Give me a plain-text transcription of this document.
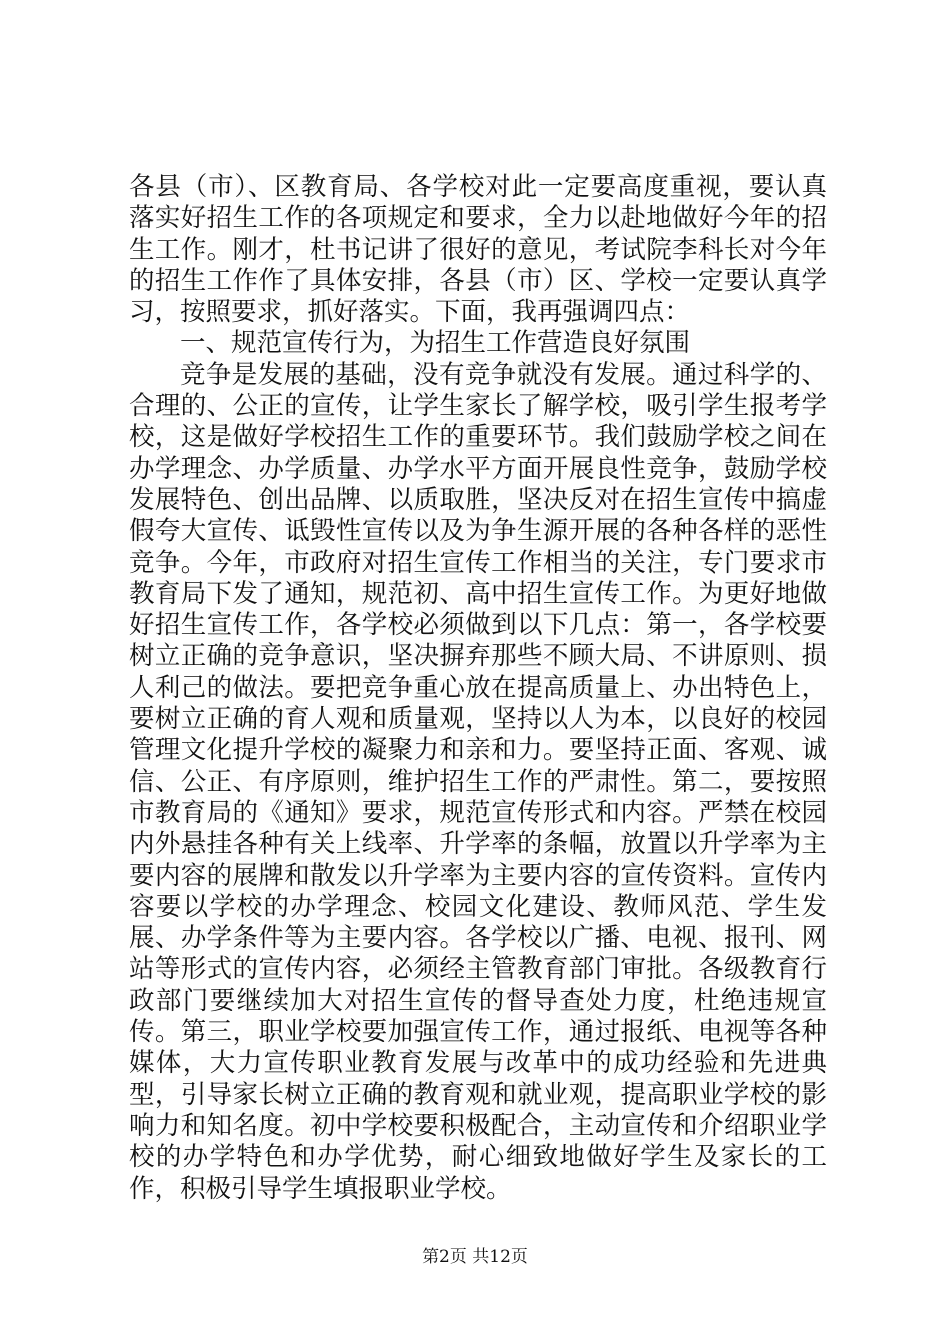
各县（市）、区教育局、各学校对此一定要高度重视，要认真落实好招生工作的各项规定和要求，全力以赴地做好今年的招生工作。刚才，杜书记讲了很好的意见，考试院李科长对今年的招生工作作了具体安排，各县（市）区、学校一定要认真学习，按照要求，抓好落实。下面，我再强调四点：

一、规范宣传行为，为招生工作营造良好氛围

竞争是发展的基础，没有竞争就没有发展。通过科学的、合理的、公正的宣传，让学生家长了解学校，吸引学生报考学校，这是做好学校招生工作的重要环节。我们鼓励学校之间在办学理念、办学质量、办学水平方面开展良性竞争，鼓励学校发展特色、创出品牌、以质取胜，坚决反对在招生宣传中搞虚假夸大宣传、诋毁性宣传以及为争生源开展的各种各样的恶性竞争。今年，市政府对招生宣传工作相当的关注，专门要求市教育局下发了通知，规范初、高中招生宣传工作。为更好地做好招生宣传工作，各学校必须做到以下几点：第一，各学校要树立正确的竞争意识，坚决摒弃那些不顾大局、不讲原则、损人利己的做法。要把竞争重心放在提高质量上、办出特色上，要树立正确的育人观和质量观，坚持以人为本，以良好的校园管理文化提升学校的凝聚力和亲和力。要坚持正面、客观、诚信、公正、有序原则，维护招生工作的严肃性。第二，要按照市教育局的《通知》要求，规范宣传形式和内容。严禁在校园内外悬挂各种有关上线率、升学率的条幅，放置以升学率为主要内容的展牌和散发以升学率为主要内容的宣传资料。宣传内容要以学校的办学理念、校园文化建设、教师风范、学生发展、办学条件等为主要内容。各学校以广播、电视、报刊、网站等形式的宣传内容，必须经主管教育部门审批。各级教育行政部门要继续加大对招生宣传的督导查处力度，杜绝违规宣传。第三，职业学校要加强宣传工作，通过报纸、电视等各种媒体，大力宣传职业教育发展与改革中的成功经验和先进典型，引导家长树立正确的教育观和就业观，提高职业学校的影响力和知名度。初中学校要积极配合，主动宣传和介绍职业学校的办学特色和办学优势，耐心细致地做好学生及家长的工作，积极引导学生填报职业学校。

第2页 共12页
